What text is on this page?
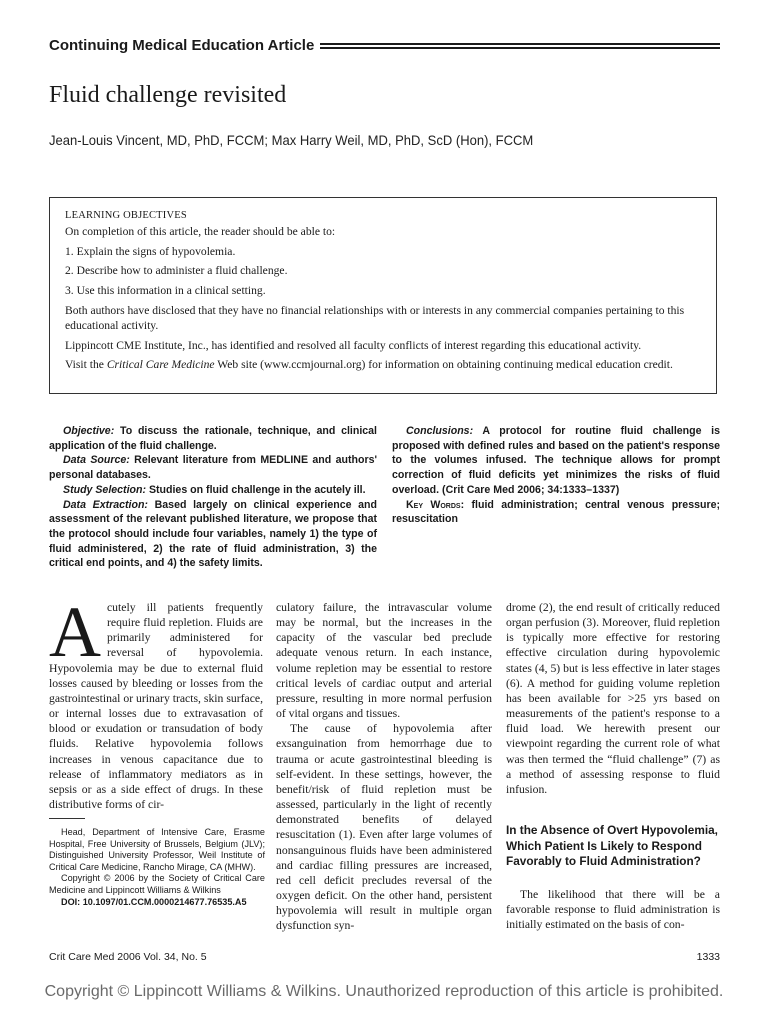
Continuing Medical Education Article
Fluid challenge revisited
Jean-Louis Vincent, MD, PhD, FCCM; Max Harry Weil, MD, PhD, ScD (Hon), FCCM

LEARNING OBJECTIVES

On completion of this article, the reader should be able to:

1. Explain the signs of hypovolemia.

2. Describe how to administer a fluid challenge.

3. Use this information in a clinical setting.

Both authors have disclosed that they have no financial relationships with or interests in any commercial companies pertaining to this educational activity.

Lippincott CME Institute, Inc., has identified and resolved all faculty conflicts of interest regarding this educational activity.

Visit the Critical Care Medicine Web site (www.ccmjournal.org) for information on obtaining continuing medical education credit.

Objective: To discuss the rationale, technique, and clinical application of the fluid challenge.

Data Source: Relevant literature from MEDLINE and authors' personal databases.

Study Selection: Studies on fluid challenge in the acutely ill.

Data Extraction: Based largely on clinical experience and assessment of the relevant published literature, we propose that the protocol should include four variables, namely 1) the type of fluid administered, 2) the rate of fluid administration, 3) the critical end points, and 4) the safety limits.

Conclusions: A protocol for routine fluid challenge is proposed with defined rules and based on the patient's response to the volumes infused. The technique allows for prompt correction of fluid deficits yet minimizes the risks of fluid overload. (Crit Care Med 2006; 34:1333–1337)

Key Words: fluid administration; central venous pressure; resuscitation

Acutely ill patients frequently require fluid repletion. Fluids are primarily administered for reversal of hypovolemia. Hypovolemia may be due to external fluid losses caused by bleeding or losses from the gastrointestinal or urinary tracts, skin surface, or internal losses due to extravasation of blood or exudation or transudation of body fluids. Relative hypovolemia follows increases in venous capacitance due to release of inflammatory mediators as in sepsis or as a side effect of drugs. In these distributive forms of cir-

culatory failure, the intravascular volume may be normal, but the increases in the capacity of the vascular bed preclude adequate venous return. In each instance, volume repletion may be essential to restore critical levels of cardiac output and arterial pressure, resulting in more normal perfusion of vital organs and tissues.

The cause of hypovolemia after exsanguination from hemorrhage due to trauma or acute gastrointestinal bleeding is self-evident. In these settings, however, the benefit/risk of fluid repletion must be assessed, particularly in the light of recently demonstrated benefits of delayed resuscitation (1). Even after large volumes of nonsanguinous fluids have been administered and cardiac filling pressures are increased, red cell deficit precludes reversal of the oxygen deficit. On the other hand, persistent hypovolemia will result in multiple organ dysfunction syn-

drome (2), the end result of critically reduced organ perfusion (3). Moreover, fluid repletion is typically more effective for restoring effective circulation during hypovolemic states (4, 5) but is less effective in later stages (6). A method for guiding volume repletion has been available for >25 yrs based on measurements of the patient's response to a fluid load. We herewith present our viewpoint regarding the current role of what was then termed the “fluid challenge” (7) as a method of assessing response to fluid infusion.

In the Absence of Overt Hypovolemia, Which Patient Is Likely to Respond Favorably to Fluid Administration?

The likelihood that there will be a favorable response to fluid administration is initially estimated on the basis of con-

Head, Department of Intensive Care, Erasme Hospital, Free University of Brussels, Belgium (JLV); Distinguished University Professor, Weil Institute of Critical Care Medicine, Rancho Mirage, CA (MHW).

Copyright © 2006 by the Society of Critical Care Medicine and Lippincott Williams & Wilkins

DOI: 10.1097/01.CCM.0000214677.76535.A5

Crit Care Med 2006 Vol. 34, No. 5	1333
Copyright © Lippincott Williams & Wilkins. Unauthorized reproduction of this article is prohibited.
